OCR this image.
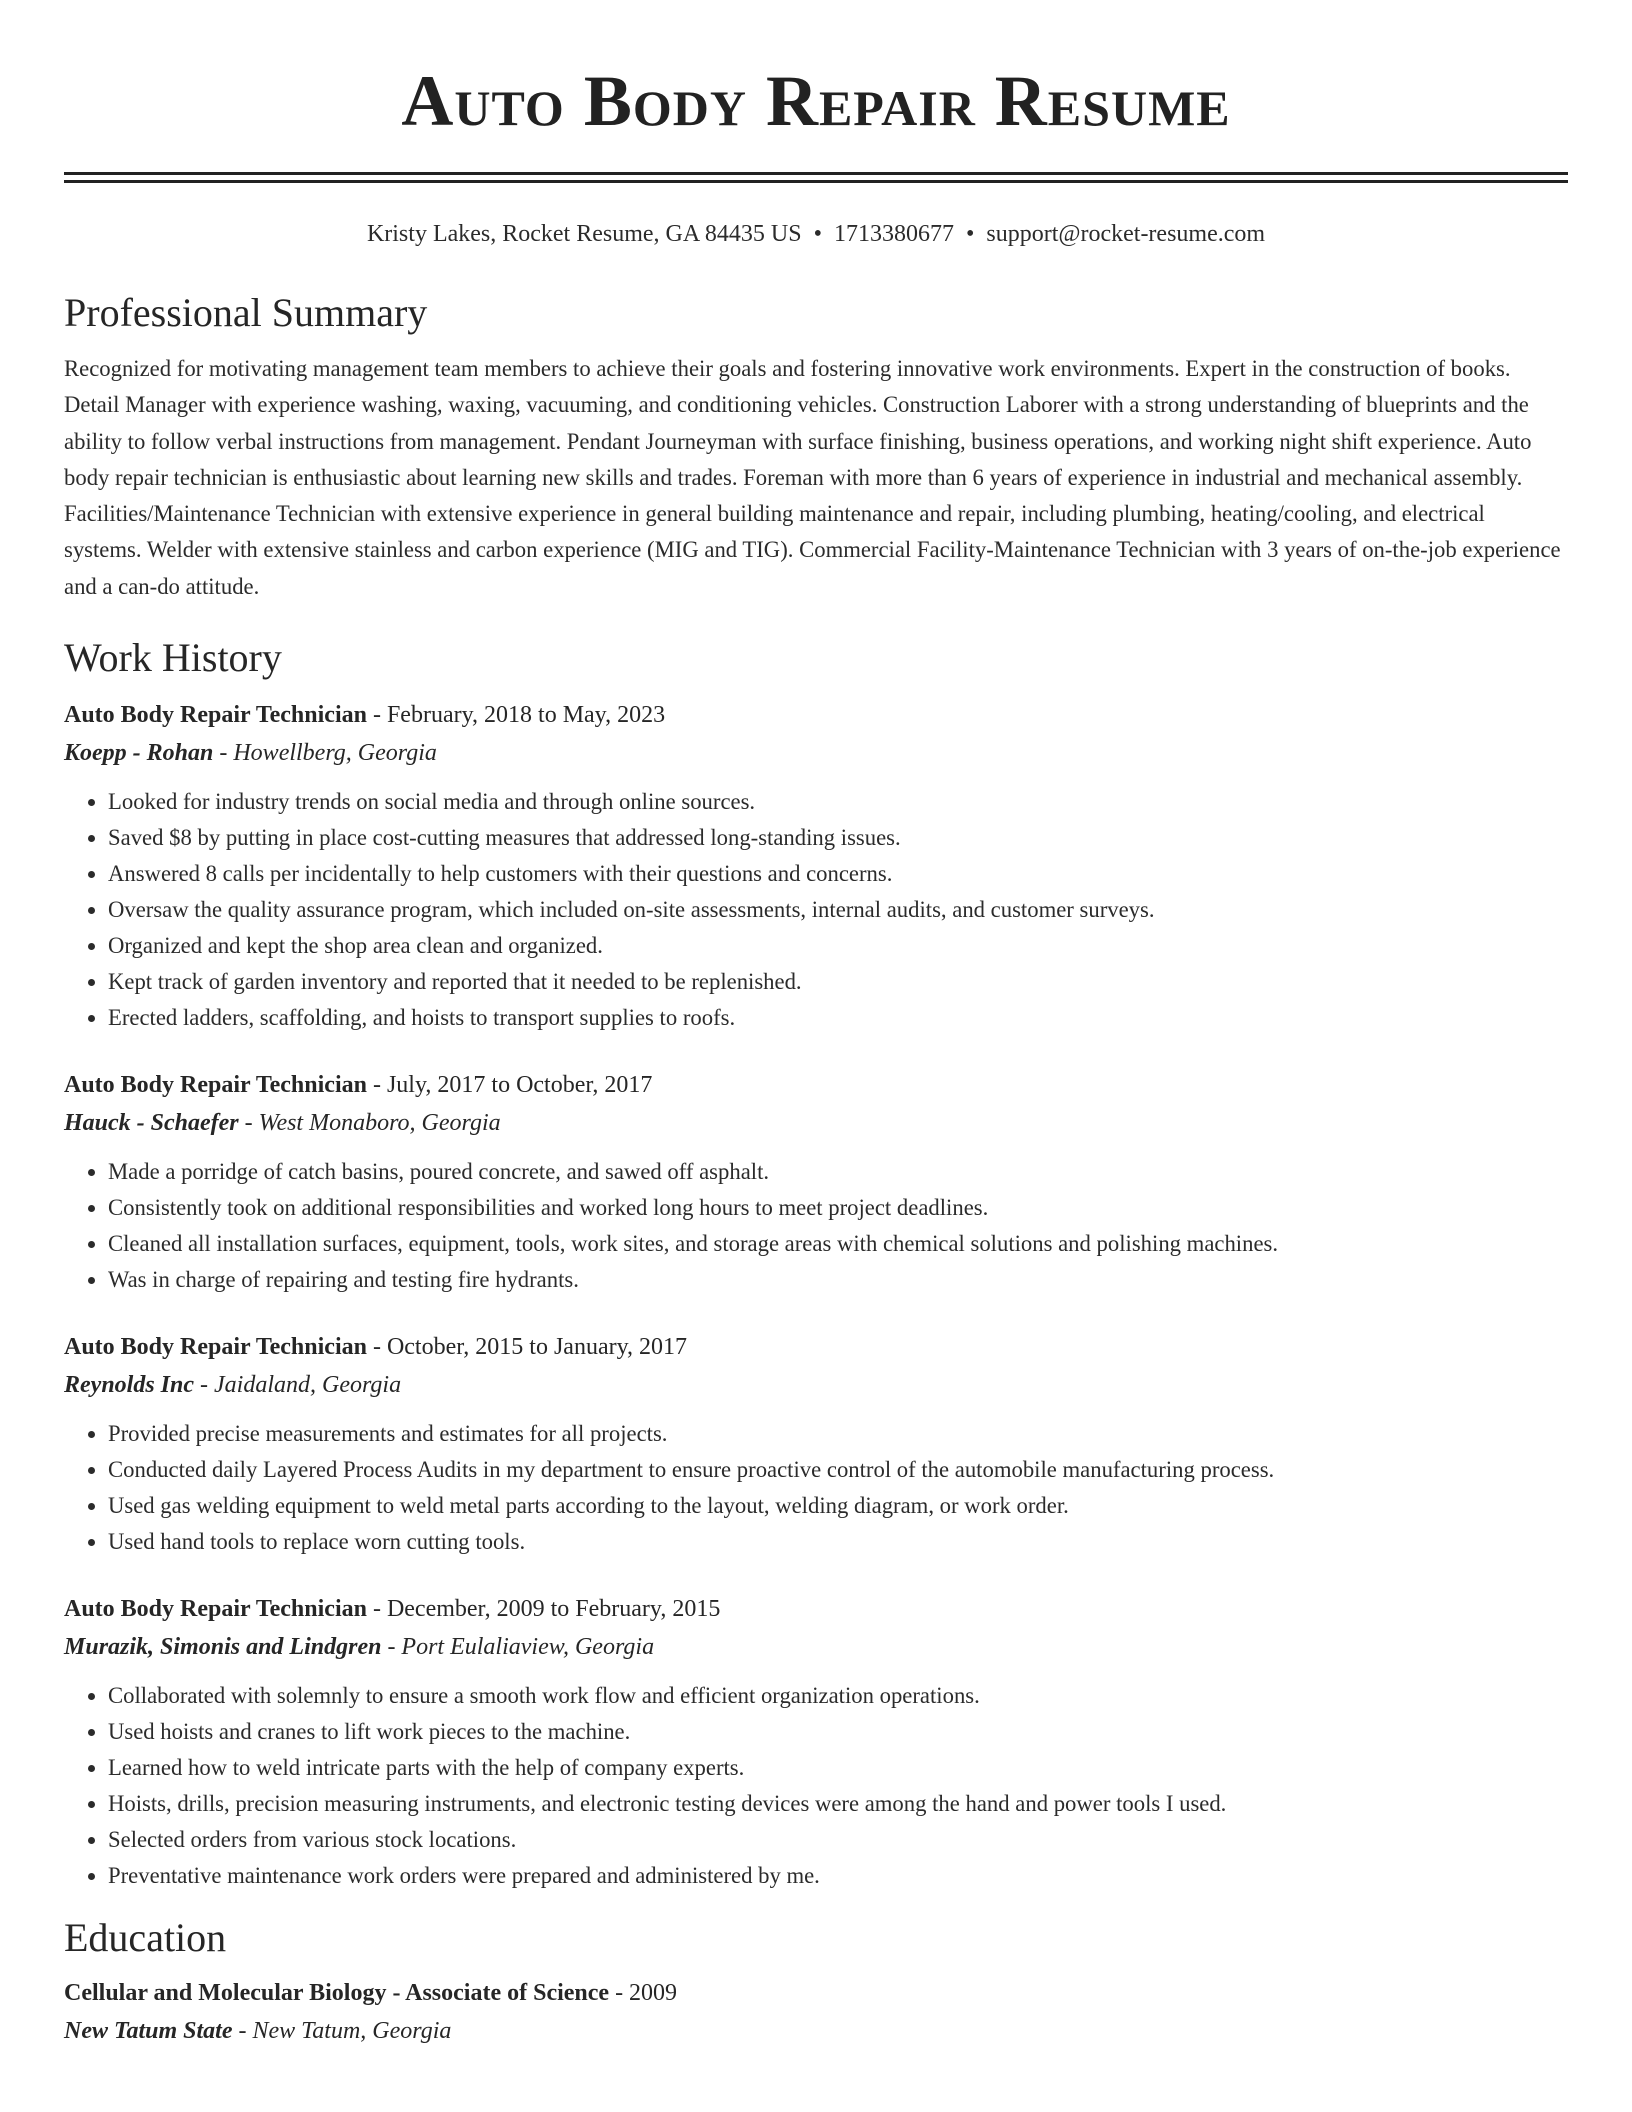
Auto Body Repair Resume
Kristy Lakes, Rocket Resume, GA 84435 US • 1713380677 • support@rocket-resume.com
Professional Summary
Recognized for motivating management team members to achieve their goals and fostering innovative work environments. Expert in the construction of books. Detail Manager with experience washing, waxing, vacuuming, and conditioning vehicles. Construction Laborer with a strong understanding of blueprints and the ability to follow verbal instructions from management. Pendant Journeyman with surface finishing, business operations, and working night shift experience. Auto body repair technician is enthusiastic about learning new skills and trades. Foreman with more than 6 years of experience in industrial and mechanical assembly. Facilities/Maintenance Technician with extensive experience in general building maintenance and repair, including plumbing, heating/cooling, and electrical systems. Welder with extensive stainless and carbon experience (MIG and TIG). Commercial Facility-Maintenance Technician with 3 years of on-the-job experience and a can-do attitude.
Work History
Auto Body Repair Technician - February, 2018 to May, 2023
Koepp - Rohan - Howellberg, Georgia
• Looked for industry trends on social media and through online sources.
• Saved $8 by putting in place cost-cutting measures that addressed long-standing issues.
• Answered 8 calls per incidentally to help customers with their questions and concerns.
• Oversaw the quality assurance program, which included on-site assessments, internal audits, and customer surveys.
• Organized and kept the shop area clean and organized.
• Kept track of garden inventory and reported that it needed to be replenished.
• Erected ladders, scaffolding, and hoists to transport supplies to roofs.
Auto Body Repair Technician - July, 2017 to October, 2017
Hauck - Schaefer - West Monaboro, Georgia
• Made a porridge of catch basins, poured concrete, and sawed off asphalt.
• Consistently took on additional responsibilities and worked long hours to meet project deadlines.
• Cleaned all installation surfaces, equipment, tools, work sites, and storage areas with chemical solutions and polishing machines.
• Was in charge of repairing and testing fire hydrants.
Auto Body Repair Technician - October, 2015 to January, 2017
Reynolds Inc - Jaidaland, Georgia
• Provided precise measurements and estimates for all projects.
• Conducted daily Layered Process Audits in my department to ensure proactive control of the automobile manufacturing process.
• Used gas welding equipment to weld metal parts according to the layout, welding diagram, or work order.
• Used hand tools to replace worn cutting tools.
Auto Body Repair Technician - December, 2009 to February, 2015
Murazik, Simonis and Lindgren - Port Eulaliaview, Georgia
• Collaborated with solemnly to ensure a smooth work flow and efficient organization operations.
• Used hoists and cranes to lift work pieces to the machine.
• Learned how to weld intricate parts with the help of company experts.
• Hoists, drills, precision measuring instruments, and electronic testing devices were among the hand and power tools I used.
• Selected orders from various stock locations.
• Preventative maintenance work orders were prepared and administered by me.
Education
Cellular and Molecular Biology - Associate of Science - 2009
New Tatum State - New Tatum, Georgia
